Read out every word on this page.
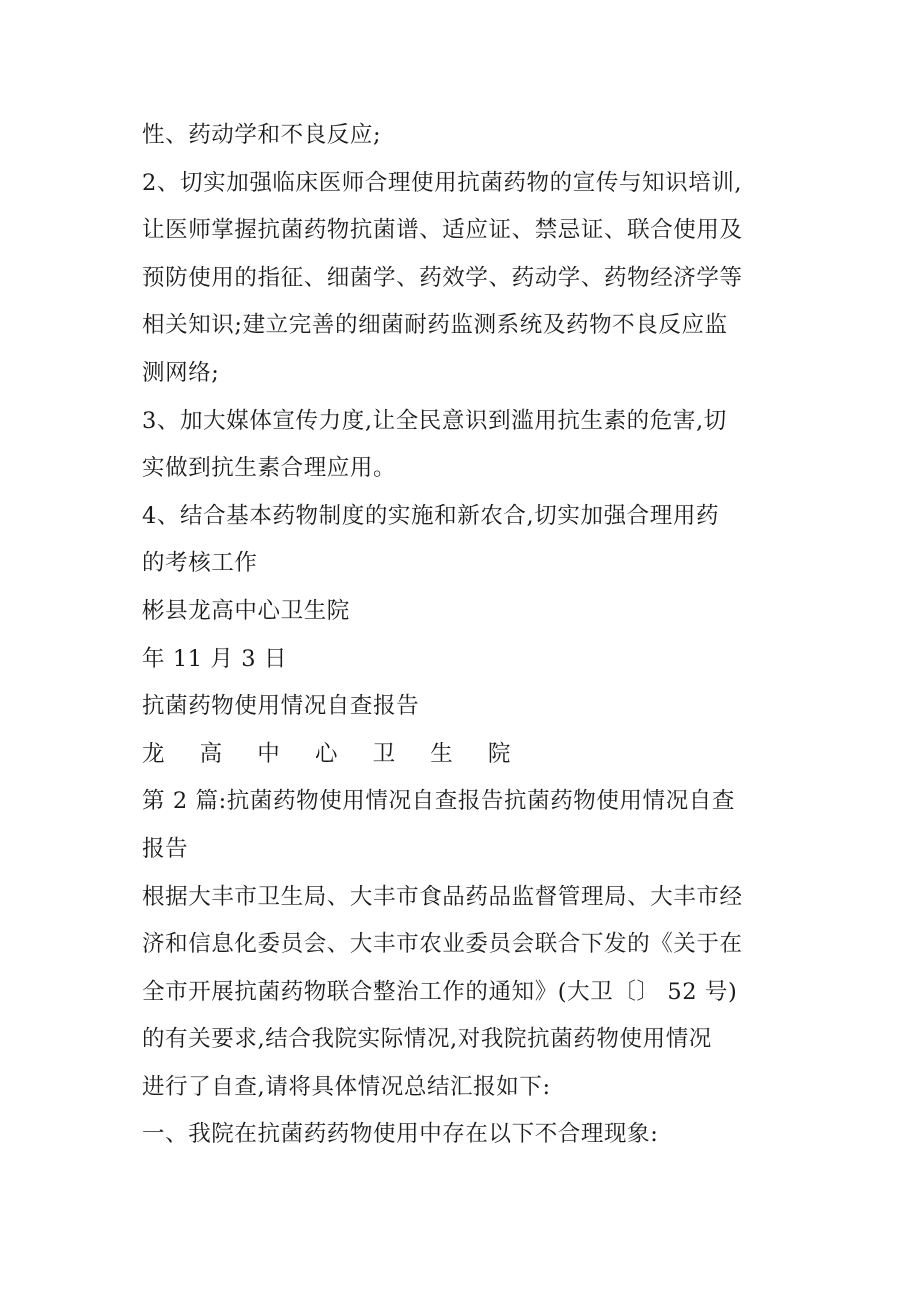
性、药动学和不良反应;
2、切实加强临床医师合理使用抗菌药物的宣传与知识培训,
让医师掌握抗菌药物抗菌谱、适应证、禁忌证、联合使用及
预防使用的指征、细菌学、药效学、药动学、药物经济学等
相关知识;建立完善的细菌耐药监测系统及药物不良反应监
测网络;
3、加大媒体宣传力度,让全民意识到滥用抗生素的危害,切
实做到抗生素合理应用。
4、结合基本药物制度的实施和新农合,切实加强合理用药
的考核工作
彬县龙高中心卫生院
年 11 月 3 日
抗菌药物使用情况自查报告
龙 高 中 心 卫 生 院
第 2 篇:抗菌药物使用情况自查报告抗菌药物使用情况自查
报告
根据大丰市卫生局、大丰市食品药品监督管理局、大丰市经
济和信息化委员会、大丰市农业委员会联合下发的《关于在
全市开展抗菌药物联合整治工作的通知》(大卫〔〕 52 号)
的有关要求,结合我院实际情况,对我院抗菌药物使用情况
进行了自查,请将具体情况总结汇报如下:
一、我院在抗菌药药物使用中存在以下不合理现象:
